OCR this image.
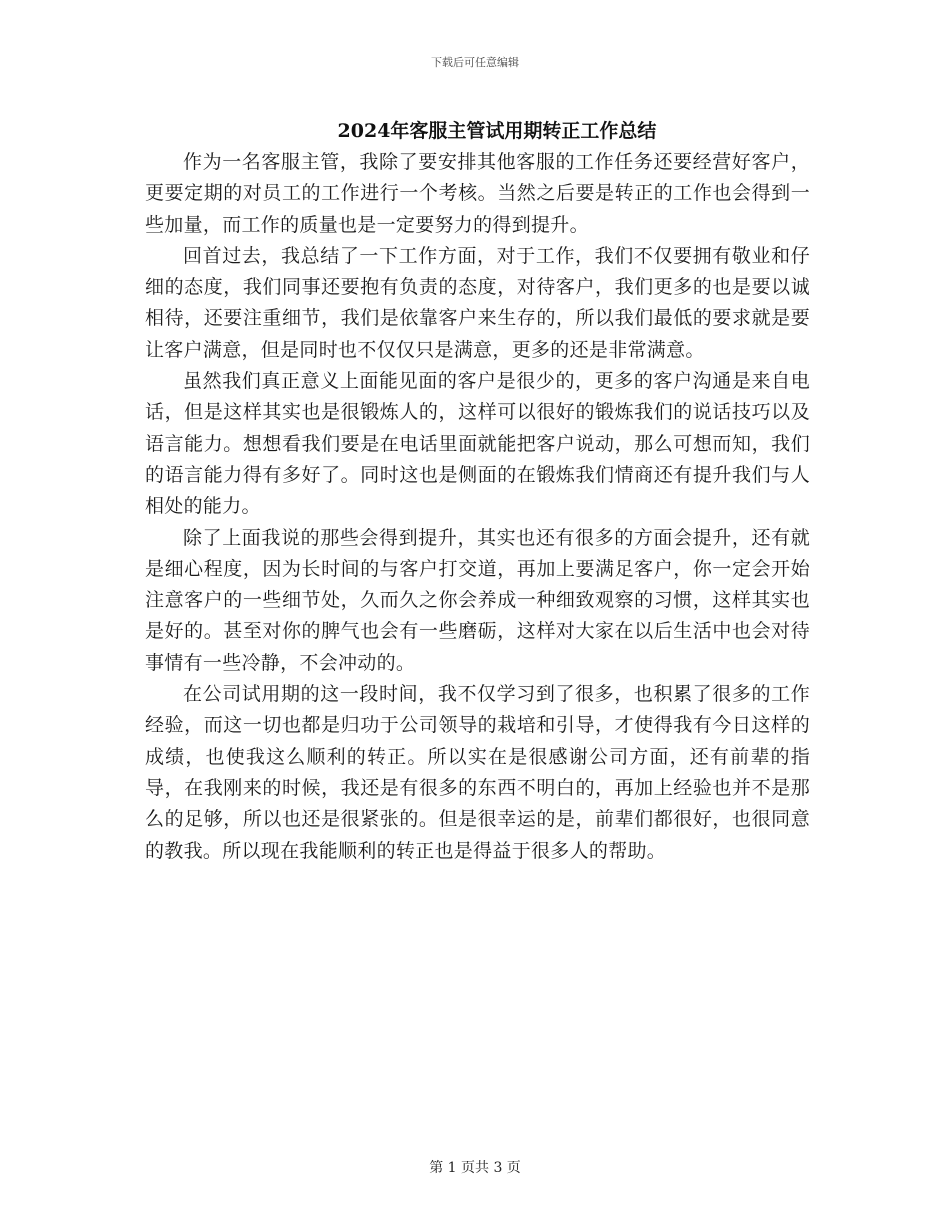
下载后可任意编辑
2024年客服主管试用期转正工作总结

作为一名客服主管，我除了要安排其他客服的工作任务还要经营好客户，更要定期的对员工的工作进行一个考核。当然之后要是转正的工作也会得到一些加量，而工作的质量也是一定要努力的得到提升。

回首过去，我总结了一下工作方面，对于工作，我们不仅要拥有敬业和仔细的态度，我们同事还要抱有负责的态度，对待客户，我们更多的也是要以诚相待，还要注重细节，我们是依靠客户来生存的，所以我们最低的要求就是要让客户满意，但是同时也不仅仅只是满意，更多的还是非常满意。

虽然我们真正意义上面能见面的客户是很少的，更多的客户沟通是来自电话，但是这样其实也是很锻炼人的，这样可以很好的锻炼我们的说话技巧以及语言能力。想想看我们要是在电话里面就能把客户说动，那么可想而知，我们的语言能力得有多好了。同时这也是侧面的在锻炼我们情商还有提升我们与人相处的能力。

除了上面我说的那些会得到提升，其实也还有很多的方面会提升，还有就是细心程度，因为长时间的与客户打交道，再加上要满足客户，你一定会开始注意客户的一些细节处，久而久之你会养成一种细致观察的习惯，这样其实也是好的。甚至对你的脾气也会有一些磨砺，这样对大家在以后生活中也会对待事情有一些冷静，不会冲动的。

在公司试用期的这一段时间，我不仅学习到了很多，也积累了很多的工作经验，而这一切也都是归功于公司领导的栽培和引导，才使得我有今日这样的成绩，也使我这么顺利的转正。所以实在是很感谢公司方面，还有前辈的指导，在我刚来的时候，我还是有很多的东西不明白的，再加上经验也并不是那么的足够，所以也还是很紧张的。但是很幸运的是，前辈们都很好，也很同意的教我。所以现在我能顺利的转正也是得益于很多人的帮助。

第 1 页共 3 页
